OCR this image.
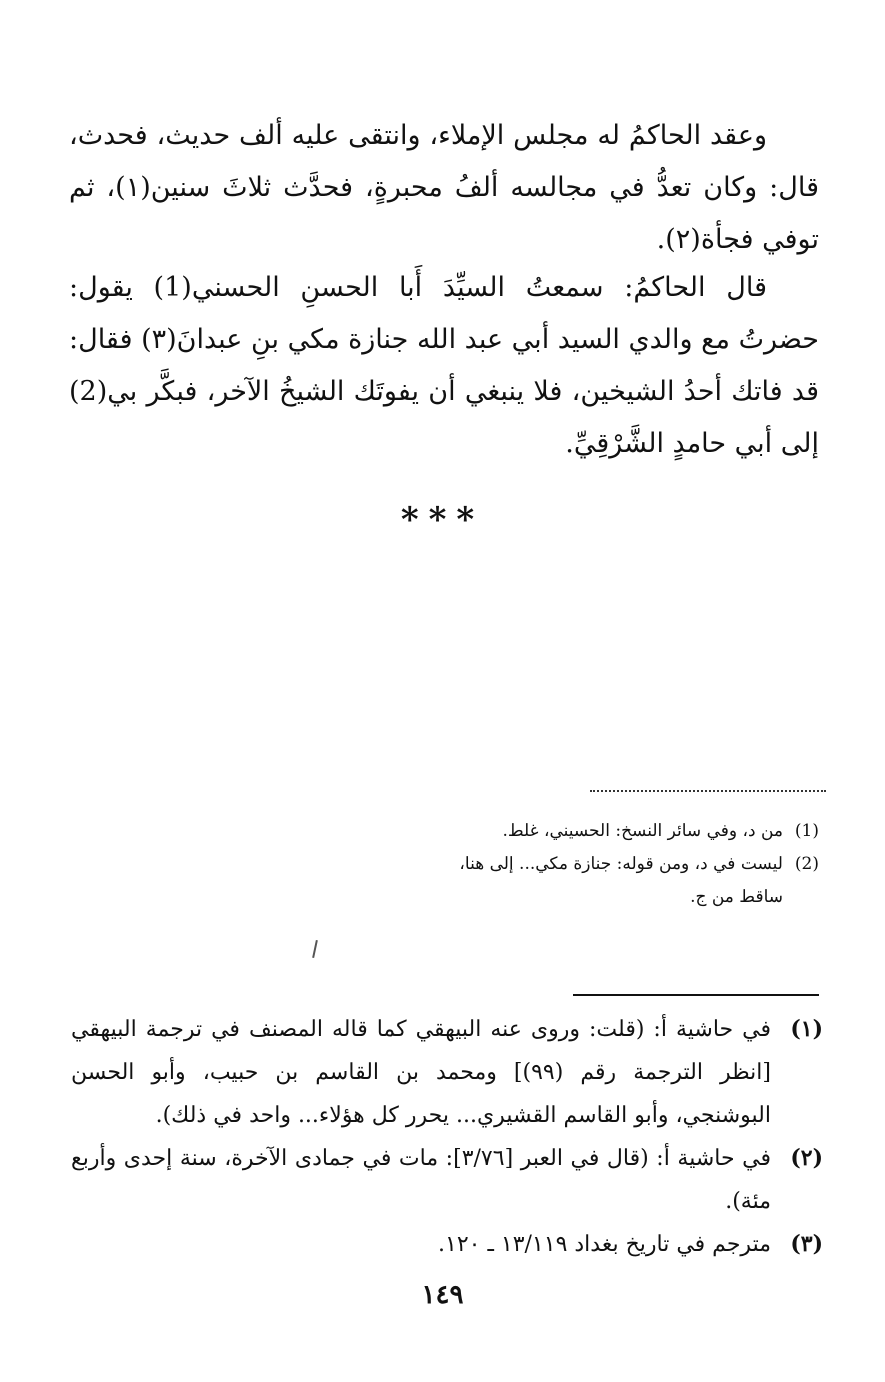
وعقد الحاكمُ له مجلس الإملاء، وانتقى عليه ألف حديث، فحدث، قال: وكان تعدُّ في مجالسه ألفُ محبرةٍ، فحدَّث ثلاثَ سنين(١)، ثم توفي فجأة(٢).

قال الحاكمُ: سمعتُ السيِّدَ أَبا الحسنِ الحسني(1) يقول: حضرتُ مع والدي السيد أبي عبد الله جنازة مكي بنِ عبدانَ(٣) فقال: قد فاتك أحدُ الشيخين، فلا ينبغي أن يفوتَك الشيخُ الآخر، فبكَّر بي(2) إلى أبي حامدٍ الشَّرْقِيِّ.

***
(1)
من د، وفي سائر النسخ: الحسيني، غلط.
(2)
ليست في د، ومن قوله: جنازة مكي... إلى هنا، ساقط من ج.
(١)
في حاشية أ: (قلت: وروى عنه البيهقي كما قاله المصنف في ترجمة البيهقي [انظر الترجمة رقم (٩٩)] ومحمد بن القاسم بن حبيب، وأبو الحسن البوشنجي، وأبو القاسم القشيري... يحرر كل هؤلاء... واحد في ذلك).
(٢)
في حاشية أ: (قال في العبر [٣/٧٦]: مات في جمادى الآخرة، سنة إحدى وأربع مئة).
(٣)
مترجم في تاريخ بغداد ١٣/١١٩ ـ ١٢٠.
١٤٩
